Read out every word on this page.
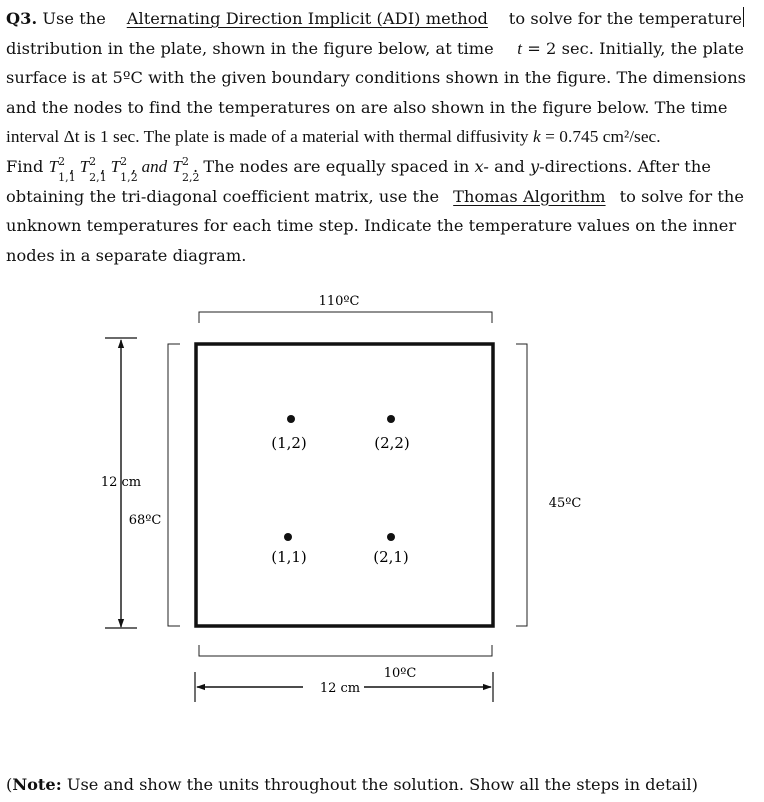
Q3. Use the Alternating Direction Implicit (ADI) method to solve for the temperature
distribution in the plate, shown in the figure below, at time t = 2 sec. Initially, the plate
surface is at 5ºC with the given boundary conditions shown in the figure. The dimensions
and the nodes to find the temperatures on are also shown in the figure below. The time
interval Δt is 1 sec. The plate is made of a material with thermal diffusivity k = 0.745 cm²/sec.
Find T2
1,1
, T2
2,1
, T2
1,2
, and T2
2,2
. The nodes are equally spaced in x- and y-directions. After the
obtaining the tri-diagonal coefficient matrix, use the Thomas Algorithm to solve for the
unknown temperatures for each time step. Indicate the temperature values on the inner
nodes in a separate diagram.
110ºC
68ºC
45ºC
10ºC
12 cm
12 cm
(1,2)	(2,2)
(1,1)	(2,1)
(Note: Use and show the units throughout the solution. Show all the steps in detail)
